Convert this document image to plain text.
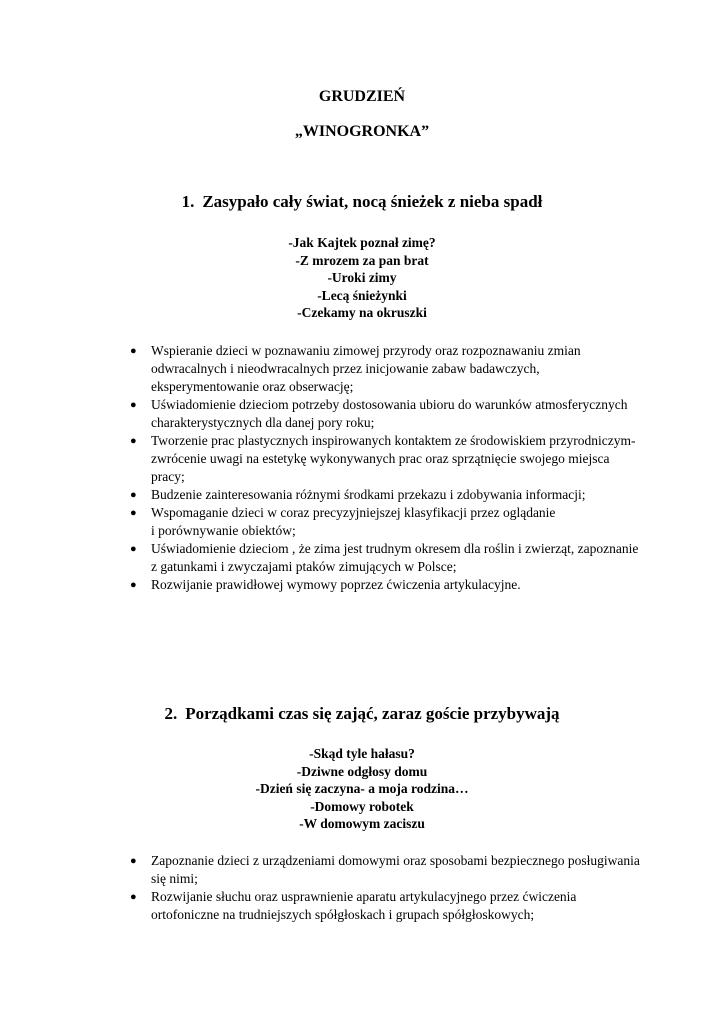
GRUDZIEŃ
„WINOGRONKA”
1. Zasypało cały świat, nocą śnieżek z nieba spadł
-Jak Kajtek poznał zimę?
-Z mrozem za pan brat
-Uroki zimy
-Lecą śnieżynki
-Czekamy na okruszki
● Wspieranie dzieci w poznawaniu zimowej przyrody oraz rozpoznawaniu zmian
odwracalnych i nieodwracalnych przez inicjowanie zabaw badawczych,
eksperymentowanie oraz obserwację;
● Uświadomienie dzieciom potrzeby dostosowania ubioru do warunków atmosferycznych
charakterystycznych dla danej pory roku;
● Tworzenie prac plastycznych inspirowanych kontaktem ze środowiskiem przyrodniczym-
zwrócenie uwagi na estetykę wykonywanych prac oraz sprzątnięcie swojego miejsca
pracy;
● Budzenie zainteresowania różnymi środkami przekazu i zdobywania informacji;
● Wspomaganie dzieci w coraz precyzyjniejszej klasyfikacji przez oglądanie
i porównywanie obiektów;
● Uświadomienie dzieciom , że zima jest trudnym okresem dla roślin i zwierząt, zapoznanie
z gatunkami i zwyczajami ptaków zimujących w Polsce;
● Rozwijanie prawidłowej wymowy poprzez ćwiczenia artykulacyjne.
2. Porządkami czas się zająć, zaraz goście przybywają
-Skąd tyle hałasu?
-Dziwne odgłosy domu
-Dzień się zaczyna- a moja rodzina…
-Domowy robotek
-W domowym zaciszu
● Zapoznanie dzieci z urządzeniami domowymi oraz sposobami bezpiecznego posługiwania
się nimi;
● Rozwijanie słuchu oraz usprawnienie aparatu artykulacyjnego przez ćwiczenia
ortofoniczne na trudniejszych spółgłoskach i grupach spółgłoskowych;
